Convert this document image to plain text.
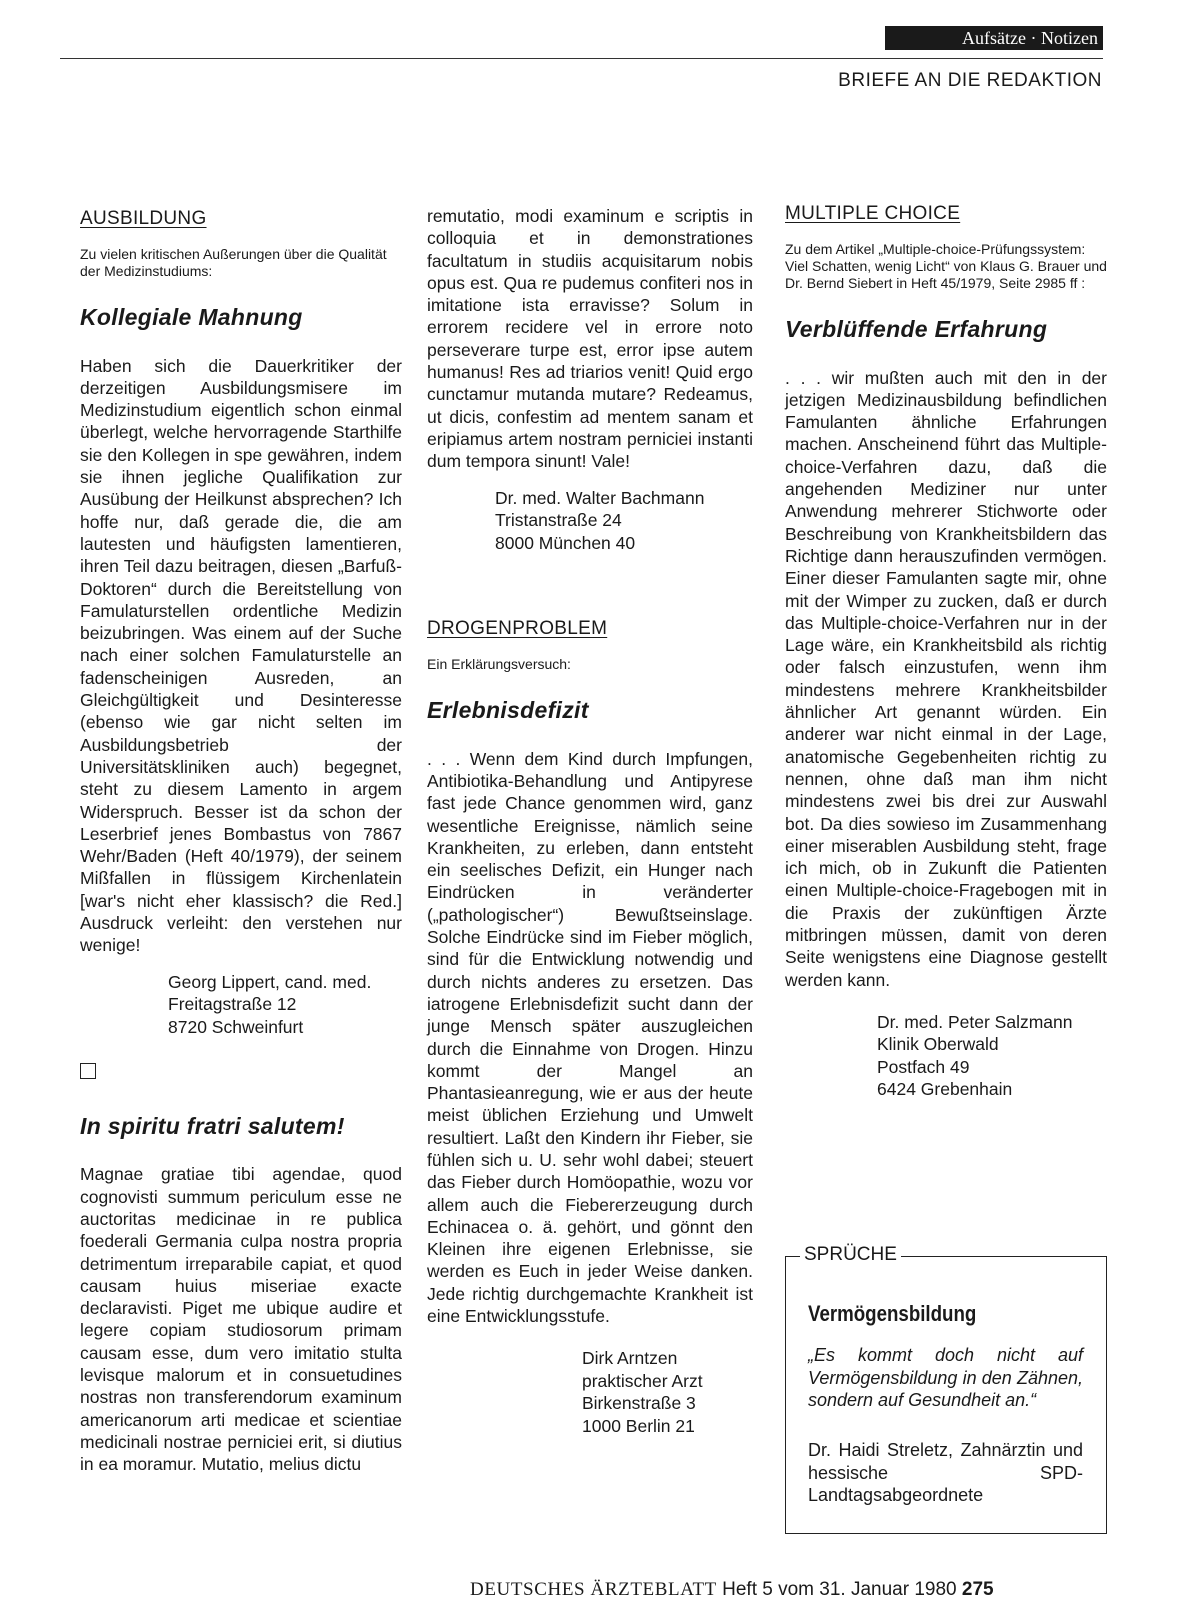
Aufsätze · Notizen
BRIEFE AN DIE REDAKTION
AUSBILDUNG
Zu vielen kritischen Außerungen über die Qualität der Medizinstudiums:
Kollegiale Mahnung
Haben sich die Dauerkritiker der derzeitigen Ausbildungsmisere im Medizinstudium eigentlich schon einmal überlegt, welche hervorragende Starthilfe sie den Kollegen in spe gewähren, indem sie ihnen jegliche Qualifikation zur Ausübung der Heilkunst absprechen? Ich hoffe nur, daß gerade die, die am lautesten und häufigsten lamentieren, ihren Teil dazu beitragen, diesen „Barfuß-Doktoren“ durch die Bereitstellung von Famulaturstellen ordentliche Medizin beizubringen. Was einem auf der Suche nach einer solchen Famulaturstelle an fadenscheinigen Ausreden, an Gleichgültigkeit und Desinteresse (ebenso wie gar nicht selten im Ausbildungsbetrieb der Universitätskliniken auch) begegnet, steht zu diesem Lamento in argem Widerspruch. Besser ist da schon der Leserbrief jenes Bombastus von 7867 Wehr/Baden (Heft 40/1979), der seinem Mißfallen in flüssigem Kirchenlatein [war's nicht eher klassisch? die Red.] Ausdruck verleiht: den verstehen nur wenige!
Georg Lippert, cand. med.
Freitagstraße 12
8720 Schweinfurt
In spiritu fratri salutem!
Magnae gratiae tibi agendae, quod cognovisti summum periculum esse ne auctoritas medicinae in re publica foederali Germania culpa nostra propria detrimentum irreparabile capiat, et quod causam huius miseriae exacte declaravisti. Piget me ubique audire et legere copiam studiosorum primam causam esse, dum vero imitatio stulta levisque malorum et in consuetudines nostras non transferendorum examinum americanorum arti medicae et scientiae medicinali nostrae perniciei erit, si diutius in ea moramur. Mutatio, melius dictu
remutatio, modi examinum e scriptis in colloquia et in demonstrationes facultatum in studiis acquisitarum nobis opus est. Qua re pudemus confiteri nos in imitatione ista erravisse? Solum in errorem recidere vel in errore noto perseverare turpe est, error ipse autem humanus! Res ad triarios venit! Quid ergo cunctamur mutanda mutare? Redeamus, ut dicis, confestim ad mentem sanam et eripiamus artem nostram perniciei instanti dum tempora sinunt! Vale!
Dr. med. Walter Bachmann
Tristanstraße 24
8000 München 40
DROGENPROBLEM
Ein Erklärungsversuch:
Erlebnisdefizit
. . . Wenn dem Kind durch Impfungen, Antibiotika-Behandlung und Antipyrese fast jede Chance genommen wird, ganz wesentliche Ereignisse, nämlich seine Krankheiten, zu erleben, dann entsteht ein seelisches Defizit, ein Hunger nach Eindrücken in veränderter („pathologischer“) Bewußtseinslage. Solche Eindrücke sind im Fieber möglich, sind für die Entwicklung notwendig und durch nichts anderes zu ersetzen. Das iatrogene Erlebnisdefizit sucht dann der junge Mensch später auszugleichen durch die Einnahme von Drogen. Hinzu kommt der Mangel an Phantasieanregung, wie er aus der heute meist üblichen Erziehung und Umwelt resultiert. Laßt den Kindern ihr Fieber, sie fühlen sich u. U. sehr wohl dabei; steuert das Fieber durch Homöopathie, wozu vor allem auch die Fiebererzeugung durch Echinacea o. ä. gehört, und gönnt den Kleinen ihre eigenen Erlebnisse, sie werden es Euch in jeder Weise danken. Jede richtig durchgemachte Krankheit ist eine Entwicklungsstufe.
Dirk Arntzen
praktischer Arzt
Birkenstraße 3
1000 Berlin 21
MULTIPLE CHOICE
Zu dem Artikel „Multiple-choice-Prüfungssystem: Viel Schatten, wenig Licht“ von Klaus G. Brauer und Dr. Bernd Siebert in Heft 45/1979, Seite 2985 ff :
Verblüffende Erfahrung
. . . wir mußten auch mit den in der jetzigen Medizinausbildung befindlichen Famulanten ähnliche Erfahrungen machen. Anscheinend führt das Multiple-choice-Verfahren dazu, daß die angehenden Mediziner nur unter Anwendung mehrerer Stichworte oder Beschreibung von Krankheitsbildern das Richtige dann herauszufinden vermögen. Einer dieser Famulanten sagte mir, ohne mit der Wimper zu zucken, daß er durch das Multiple-choice-Verfahren nur in der Lage wäre, ein Krankheitsbild als richtig oder falsch einzustufen, wenn ihm mindestens mehrere Krankheitsbilder ähnlicher Art genannt würden. Ein anderer war nicht einmal in der Lage, anatomische Gegebenheiten richtig zu nennen, ohne daß man ihm nicht mindestens zwei bis drei zur Auswahl bot. Da dies sowieso im Zusammenhang einer miserablen Ausbildung steht, frage ich mich, ob in Zukunft die Patienten einen Multiple-choice-Fragebogen mit in die Praxis der zukünftigen Ärzte mitbringen müssen, damit von deren Seite wenigstens eine Diagnose gestellt werden kann.
Dr. med. Peter Salzmann
Klinik Oberwald
Postfach 49
6424 Grebenhain
SPRÜCHE
Vermögensbildung
„Es kommt doch nicht auf Vermögensbildung in den Zähnen, sondern auf Gesundheit an.“
Dr. Haidi Streletz, Zahnärztin und hessische SPD-Landtagsabgeordnete
DEUTSCHES ÄRZTEBLATT Heft 5 vom 31. Januar 1980 275
